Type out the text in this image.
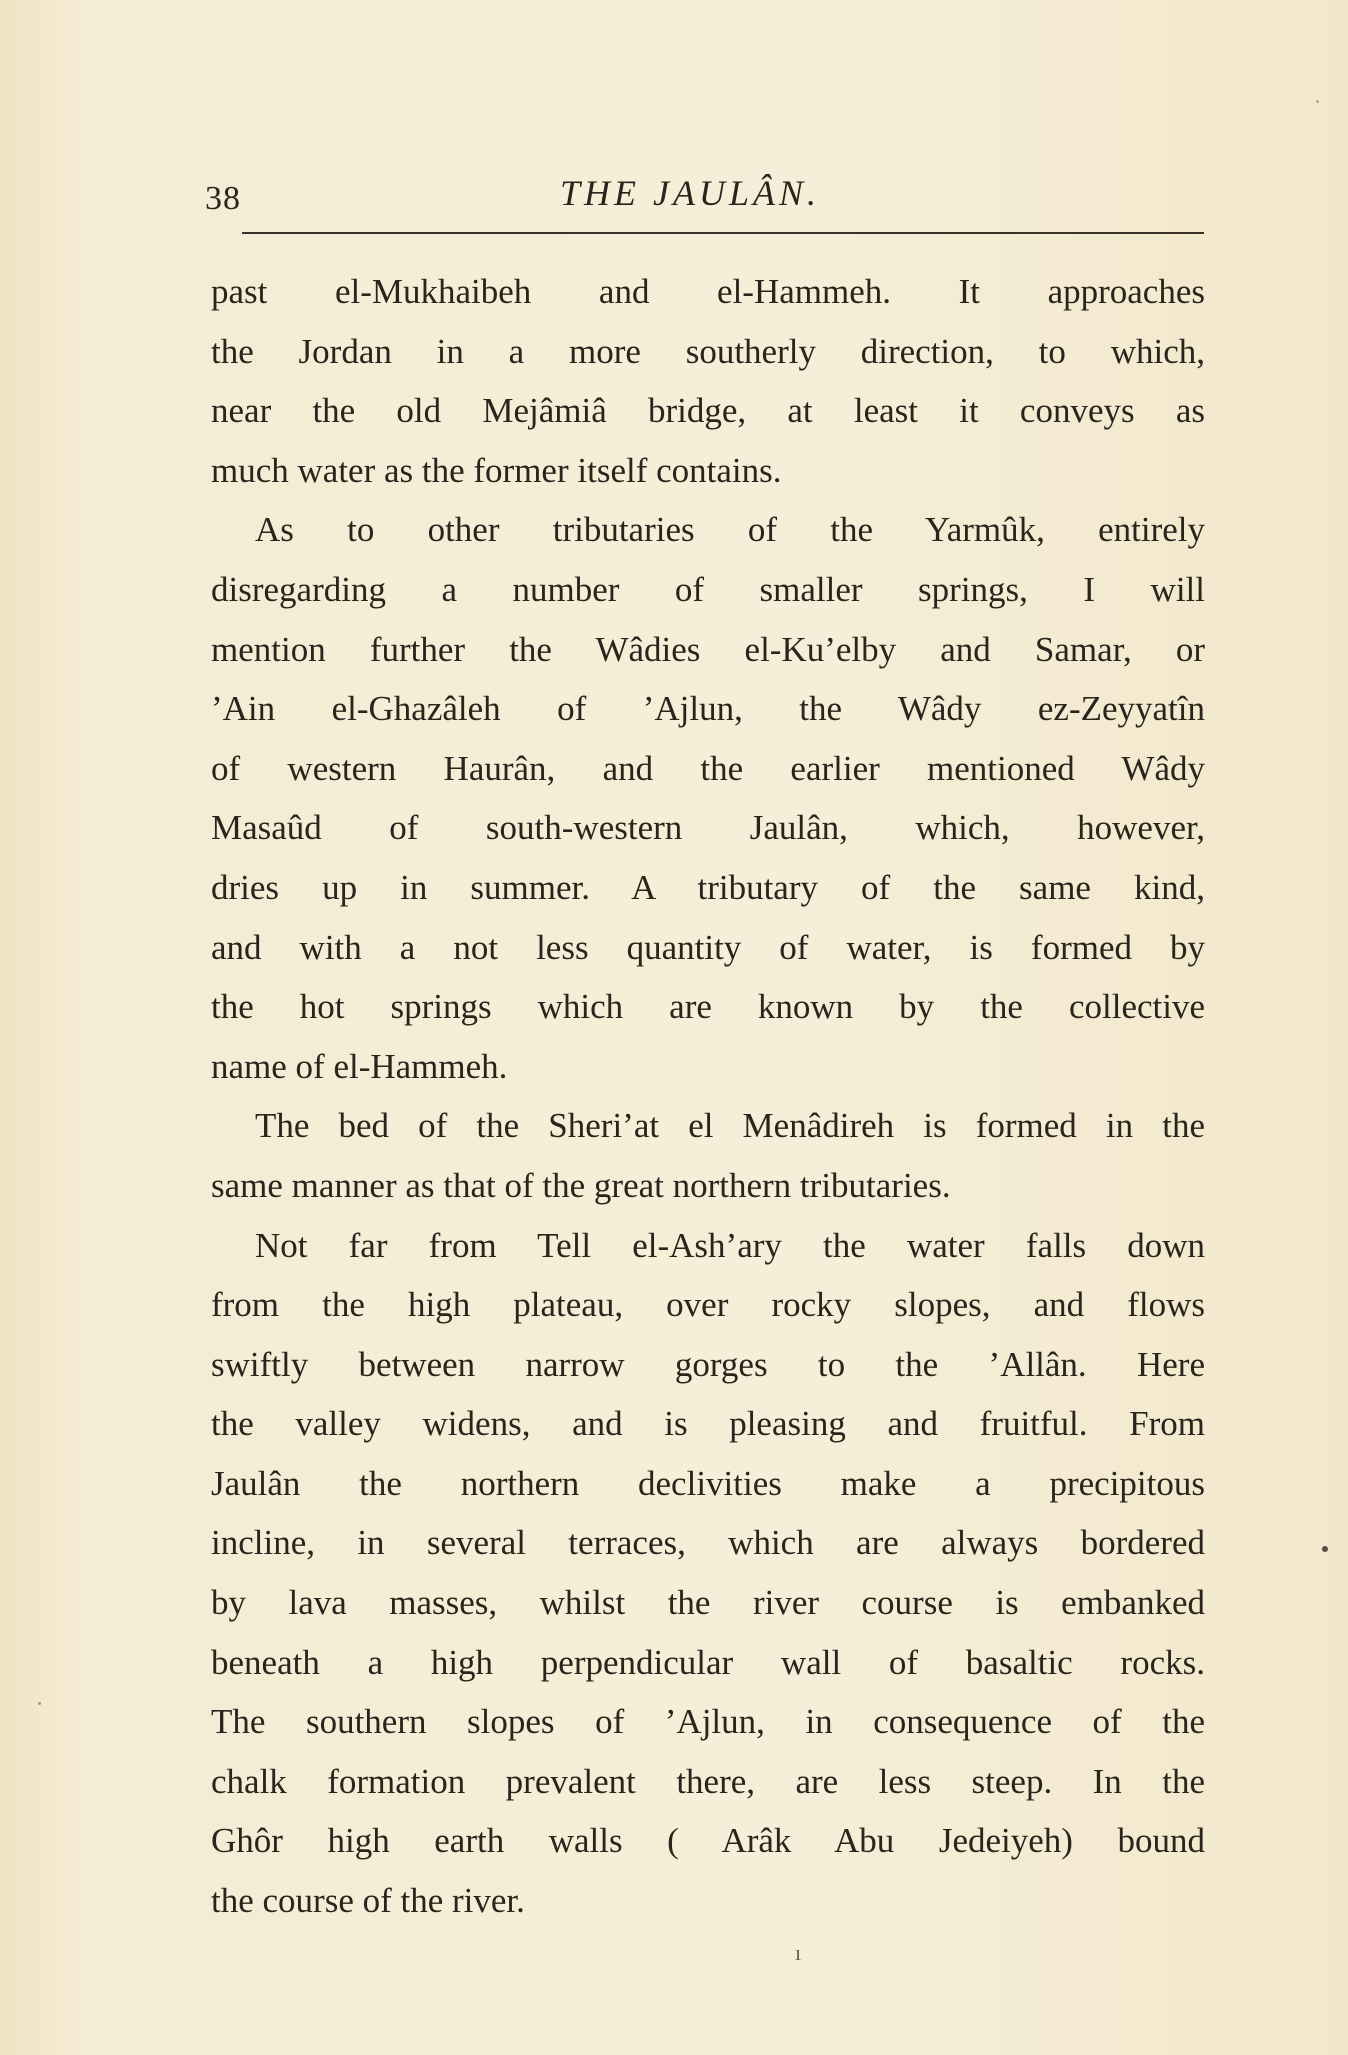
38	THE JAULÂN.
past el-Mukhaibeh and el-Hammeh. It approaches
the Jordan in a more southerly direction, to which,
near the old Mejâmiâ bridge, at least it conveys as
much water as the former itself contains.
As to other tributaries of the Yarmûk, entirely
disregarding a number of smaller springs, I will
mention further the Wâdies el-Ku’elby and Samar, or
’Ain el-Ghazâleh of ’Ajlun, the Wâdy ez-Zeyyatîn
of western Haurân, and the earlier mentioned Wâdy
Masaûd of south-western Jaulân, which, however,
dries up in summer. A tributary of the same kind,
and with a not less quantity of water, is formed by
the hot springs which are known by the collective
name of el-Hammeh.
The bed of the Sheri’at el Menâdireh is formed in the
same manner as that of the great northern tributaries.
Not far from Tell el-Ash’ary the water falls down
from the high plateau, over rocky slopes, and flows
swiftly between narrow gorges to the ’Allân. Here
the valley widens, and is pleasing and fruitful. From
Jaulân the northern declivities make a precipitous
incline, in several terraces, which are always bordered
by lava masses, whilst the river course is embanked
beneath a high perpendicular wall of basaltic rocks.
The southern slopes of ’Ajlun, in consequence of the
chalk formation prevalent there, are less steep. In the
Ghôr high earth walls ( Arâk Abu Jedeiyeh) bound
the course of the river.
ı
